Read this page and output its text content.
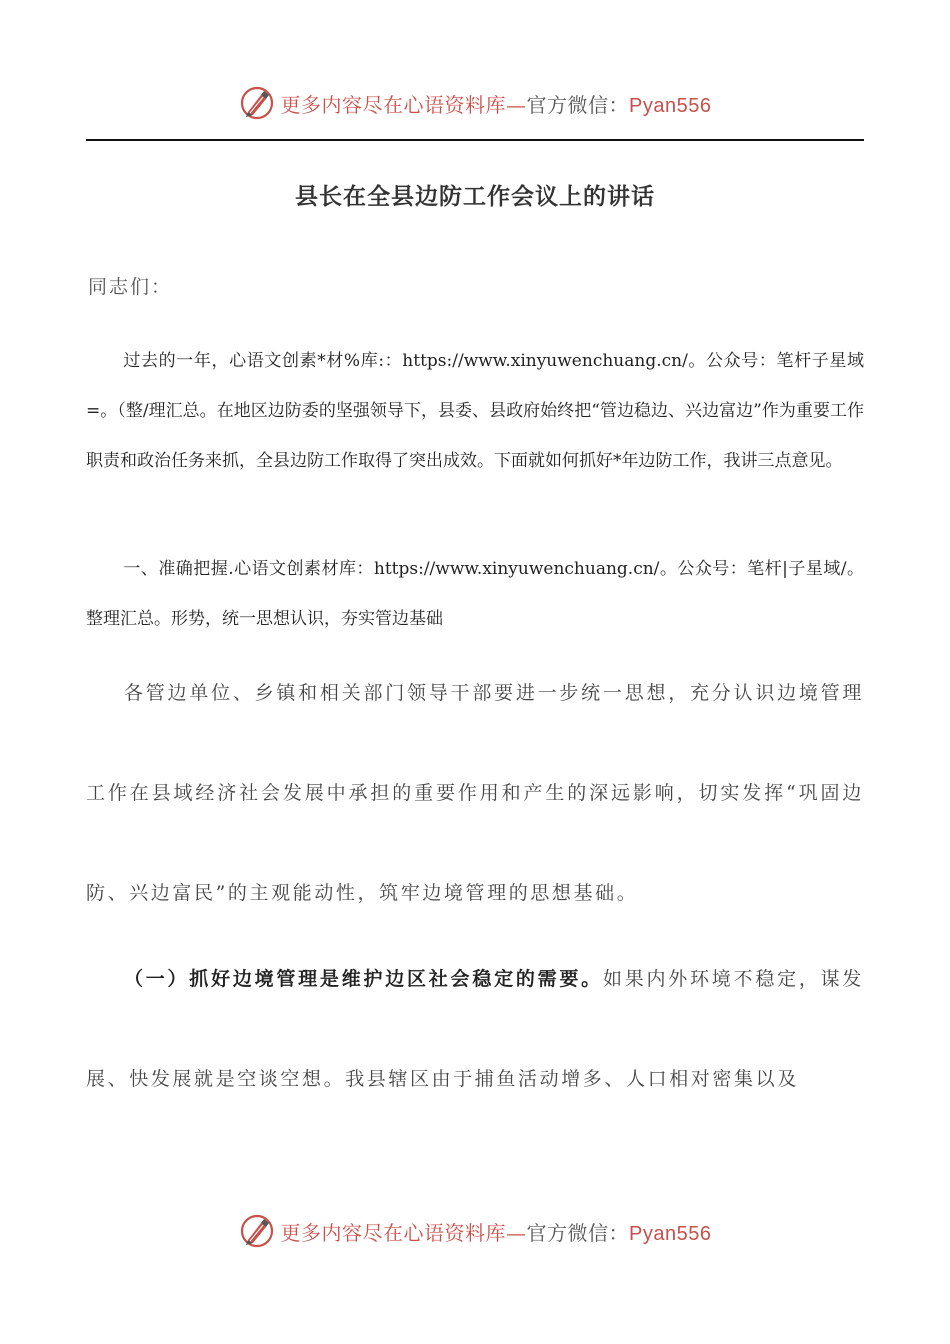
更多内容尽在心语资料库—官方微信：Pyan556
县长在全县边防工作会议上的讲话

同志们：

过去的一年，心语文创素*材%库:：https://www.xinyuwenchuang.cn/。公众号：笔杆子星域=。（整/理汇总。在地区边防委的坚强领导下，县委、县政府始终把“管边稳边、兴边富边”作为重要工作职责和政治任务来抓，全县边防工作取得了突出成效。下面就如何抓好*年边防工作，我讲三点意见。

一、准确把握.心语文创素材库：https://www.xinyuwenchuang.cn/。公众号：笔杆|子星域/。整理汇总。形势，统一思想认识，夯实管边基础

各管边单位、乡镇和相关部门领导干部要进一步统一思想，充分认识边境管理工作在县域经济社会发展中承担的重要作用和产生的深远影响，切实发挥“巩固边防、兴边富民”的主观能动性，筑牢边境管理的思想基础。

（一）抓好边境管理是维护边区社会稳定的需要。如果内外环境不稳定，谋发展、快发展就是空谈空想。我县辖区由于捕鱼活动增多、人口相对密集以及

更多内容尽在心语资料库—官方微信：Pyan556
